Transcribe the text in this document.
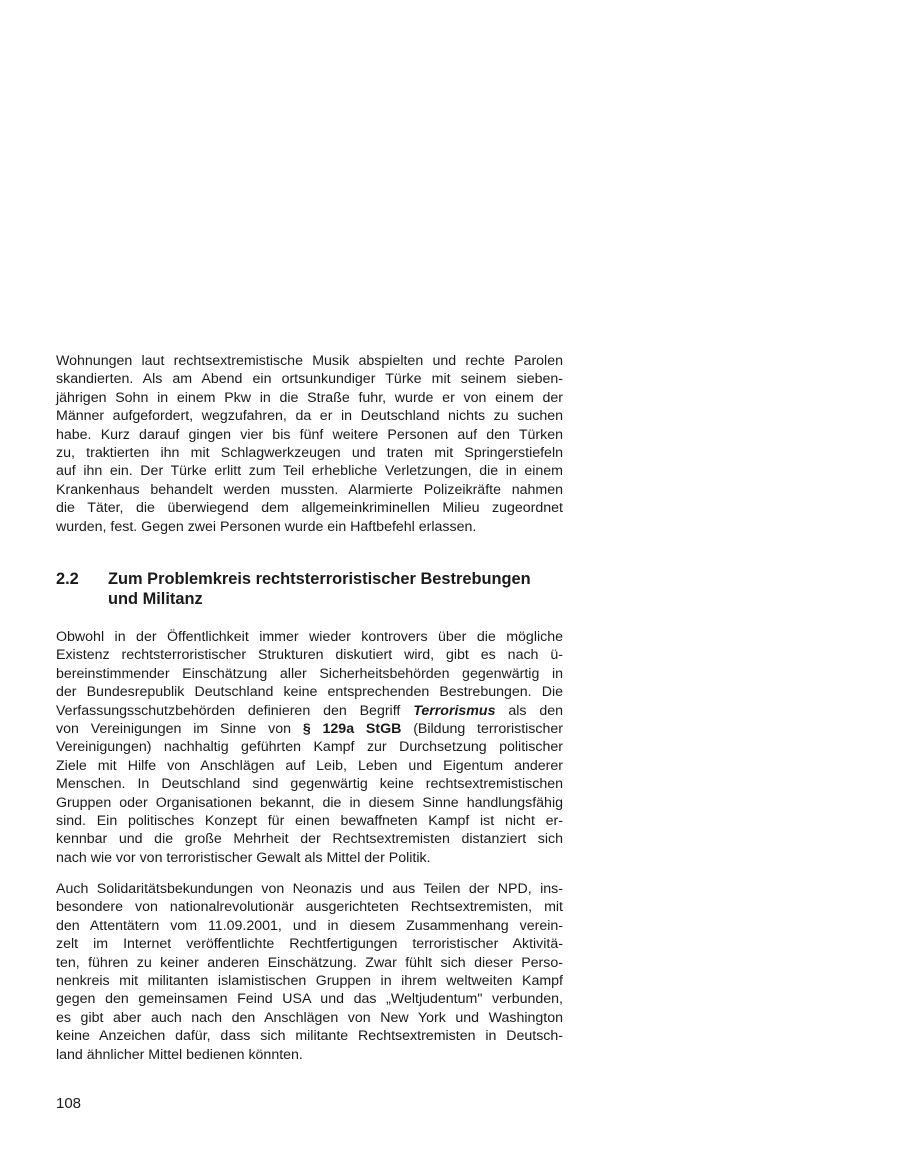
Wohnungen laut rechtsextremistische Musik abspielten und rechte Parolen
skandierten. Als am Abend ein ortsunkundiger Türke mit seinem sieben-
jährigen Sohn in einem Pkw in die Straße fuhr, wurde er von einem der
Männer aufgefordert, wegzufahren, da er in Deutschland nichts zu suchen
habe. Kurz darauf gingen vier bis fünf weitere Personen auf den Türken
zu, traktierten ihn mit Schlagwerkzeugen und traten mit Springerstiefeln
auf ihn ein. Der Türke erlitt zum Teil erhebliche Verletzungen, die in einem
Krankenhaus behandelt werden mussten. Alarmierte Polizeikräfte nahmen
die Täter, die überwiegend dem allgemeinkriminellen Milieu zugeordnet
wurden, fest. Gegen zwei Personen wurde ein Haftbefehl erlassen.

2.2 Zum Problemkreis rechtsterroristischer Bestrebungen
und Militanz

Obwohl in der Öffentlichkeit immer wieder kontrovers über die mögliche
Existenz rechtsterroristischer Strukturen diskutiert wird, gibt es nach ü-
bereinstimmender Einschätzung aller Sicherheitsbehörden gegenwärtig in
der Bundesrepublik Deutschland keine entsprechenden Bestrebungen. Die
Verfassungsschutzbehörden definieren den Begriff Terrorismus als den
von Vereinigungen im Sinne von § 129a StGB (Bildung terroristischer
Vereinigungen) nachhaltig geführten Kampf zur Durchsetzung politischer
Ziele mit Hilfe von Anschlägen auf Leib, Leben und Eigentum anderer
Menschen. In Deutschland sind gegenwärtig keine rechtsextremistischen
Gruppen oder Organisationen bekannt, die in diesem Sinne handlungsfähig
sind. Ein politisches Konzept für einen bewaffneten Kampf ist nicht er-
kennbar und die große Mehrheit der Rechtsextremisten distanziert sich
nach wie vor von terroristischer Gewalt als Mittel der Politik.

Auch Solidaritätsbekundungen von Neonazis und aus Teilen der NPD, ins-
besondere von nationalrevolutionär ausgerichteten Rechtsextremisten, mit
den Attentätern vom 11.09.2001, und in diesem Zusammenhang verein-
zelt im Internet veröffentlichte Rechtfertigungen terroristischer Aktivitä-
ten, führen zu keiner anderen Einschätzung. Zwar fühlt sich dieser Perso-
nenkreis mit militanten islamistischen Gruppen in ihrem weltweiten Kampf
gegen den gemeinsamen Feind USA und das „Weltjudentum" verbunden,
es gibt aber auch nach den Anschlägen von New York und Washington
keine Anzeichen dafür, dass sich militante Rechtsextremisten in Deutsch-
land ähnlicher Mittel bedienen könnten.

108
